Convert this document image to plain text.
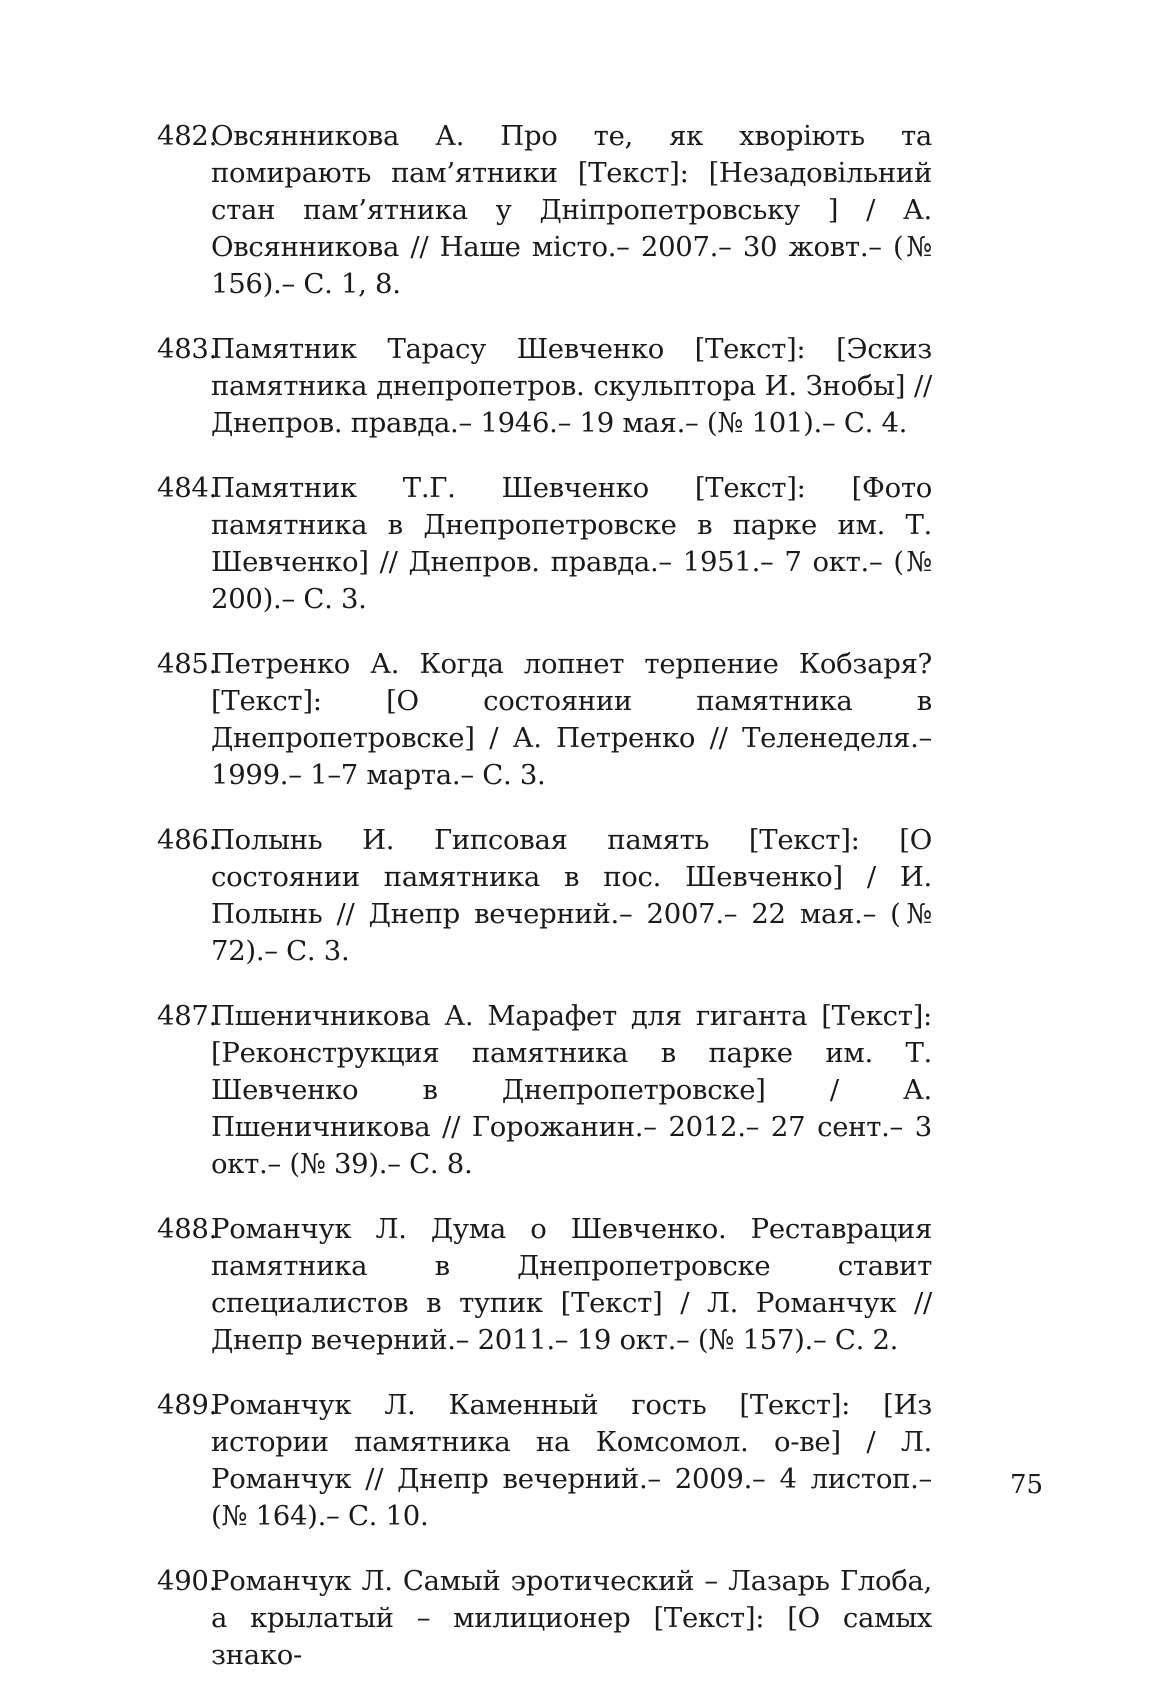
482.
Овсянникова А. Про те, як хворіють та помирають пам’ятники [Текст]: [Незадовільний стан пам’ятника у Дніпропетровську ] / А. Овсянникова // Наше місто.– 2007.– 30 жовт.– (№ 156).– С. 1, 8.
483.
Памятник Тарасу Шевченко [Текст]: [Эскиз памятника днепропетров. скульптора И. Знобы] // Днепров. правда.– 1946.– 19 мая.– (№ 101).– С. 4.
484.
Памятник Т.Г. Шевченко [Текст]: [Фото памятника в Днепропетровске в парке им. Т. Шевченко] // Днепров. правда.– 1951.– 7 окт.– (№ 200).– С. 3.
485.
Петренко А. Когда лопнет терпение Кобзаря? [Текст]: [О состоянии памятника в Днепропетровске] / А. Петренко // Теленеделя.– 1999.– 1–7 марта.– С. 3.
486.
Полынь И. Гипсовая память [Текст]: [О состоянии памятника в пос. Шевченко] / И. Полынь // Днепр вечерний.– 2007.– 22 мая.– (№ 72).– С. 3.
487.
Пшеничникова А. Марафет для гиганта [Текст]: [Реконструкция памятника в парке им. Т. Шевченко в Днепропетровске] / А. Пшеничникова // Горожанин.– 2012.– 27 сент.– 3 окт.– (№ 39).– С. 8.
488.
Романчук Л. Дума о Шевченко. Реставрация памятника в Днепропетровске ставит специалистов в тупик [Текст] / Л. Романчук // Днепр вечерний.– 2011.– 19 окт.– (№ 157).– С. 2.
489.
Романчук Л. Каменный гость [Текст]: [Из истории памятника на Комсомол. о-ве] / Л. Романчук // Днепр вечерний.– 2009.– 4 листоп.– (№ 164).– С. 10.
490.
Романчук Л. Самый эротический – Лазарь Глоба, а крылатый – милиционер [Текст]: [О самых знако-
75
